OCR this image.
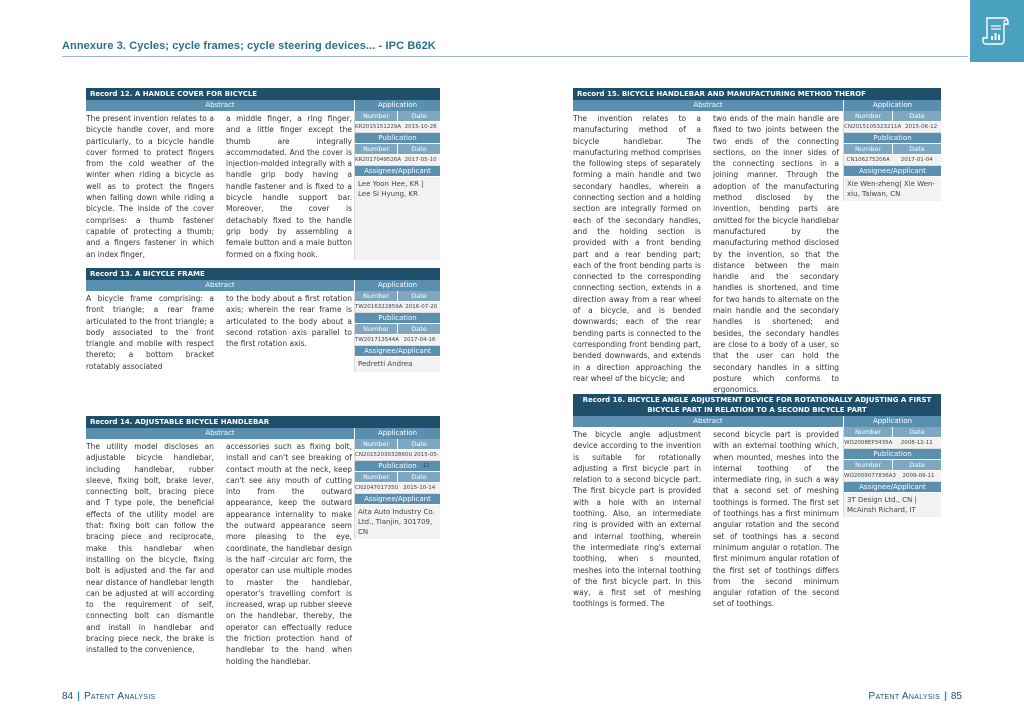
Annexure 3. Cycles; cycle frames; cycle steering devices... - IPC B62K
Record 12. A HANDLE COVER FOR BICYCLE
Abstract	Application
The present invention relates to a bicycle handle cover, and more particularly, to a bicycle handle cover formed to protect fingers from the cold weather of the winter when riding a bicycle as well as to protect the fingers when falling down while riding a bicycle. The inside of the cover comprises: a thumb fastener capable of protecting a thumb; and a fingers fastener in which an index finger,
a middle finger, a ring finger, and a little finger except the thumb are integrally accommodated. And the cover is injection-molded integrally with a handle grip body having a handle fastener and is fixed to a bicycle handle support bar. Moreover, the cover is detachably fixed to the handle grip body by assembling a female button and a male button formed on a fixing hook.
Number	Date
KR2015151229A 2015-10-28
Publication
Number	Date
KR2017049526A 2017-05-10
Assignee/Applicant
Lee Yoon Hee, KR | Lee Si Hyung, KR
Record 13. A BICYCLE FRAME
Abstract	Application
A bicycle frame comprising: a front triangle; a rear frame articulated to the front triangle; a body associated to the front triangle and mobile with respect thereto; a bottom bracket rotatably associated
to the body about a first rotation axis; wherein the rear frame is articulated to the body about a second rotation axis parallel to the first rotation axis.
Number	Date
TW2016322859A 2016-07-20
Publication
Number	Date
TW201713544A 2017-04-16
Assignee/Applicant
Pedretti Andrea
Record 14. ADJUSTABLE BICYCLE HANDLEBAR
Abstract	Application
The utility model discloses an adjustable bicycle handlebar, including handlebar, rubber sleeve, fixing bolt, brake lever, connecting bolt, bracing piece and T type pole, the beneficial effects of the utility model are that: fixing bolt can follow the bracing piece and reciprocate, make this handlebar when installing on the bicycle, fixing bolt is adjusted and the far and near distance of handlebar length can be adjusted at will according to the requirement of self, connecting bolt can dismantle and install in handlebar and bracing piece neck, the brake is installed to the convenience,
accessories such as fixing bolt, install and can't see breaking of contact mouth at the neck, keep can't see any mouth of cutting into from the outward appearance, keep the outward appearance internality to make the outward appearance seem more pleasing to the eye, coordinate, the handlebar design is the half -circular arc form, the operator can use multiple modes to master the handlebar, operator's travelling comfort is increased, wrap up rubber sleeve on the handlebar, thereby, the operator can effectually reduce the friction protection hand of handlebar to the hand when holding the handlebar.
Number	Date
CN2015203032860U 2015-05-12
Publication
Number	Date
CN204701735U 2015-10-14
Assignee/Applicant
Aita Auto Industry Co. Ltd., Tianjin, 301709, CN
Record 15. BICYCLE HANDLEBAR AND MANUFACTURING METHOD THEROF
Abstract	Application
The invention relates to a manufacturing method of a bicycle handlebar. The manufacturing method comprises the following steps of separately forming a main handle and two secondary handles, wherein a connecting section and a holding section are integrally formed on each of the secondary handles, and the holding section is provided with a front bending part and a rear bending part; each of the front bending parts is connected to the corresponding connecting section, extends in a direction away from a rear wheel of a bicycle, and is bended downwards; each of the rear bending parts is connected to the corresponding front bending part, bended downwards, and extends in a direction approaching the rear wheel of the bicycle; and
two ends of the main handle are fixed to two joints between the two ends of the connecting sections, on the inner sides of the connecting sections in a joining manner. Through the adoption of the manufacturing method disclosed by the invention, bending parts are omitted for the bicycle handlebar manufactured by the manufacturing method disclosed by the invention, so that the distance between the main handle and the secondary handles is shortened, and time for two hands to alternate on the main handle and the secondary handles is shortened; and besides, the secondary handles are close to a body of a user, so that the user can hold the secondary handles in a sitting posture which conforms to ergonomics.
Number	Date
CN2015105323211A 2015-06-12
Publication
Number	Date
CN106275206A	2017-01-04
Assignee/Applicant
Xie Wen-zheng| Xie Wen-xiu, Taiwan, CN
Record 16. BICYCLE ANGLE ADJUSTMENT DEVICE FOR ROTATIONALLY ADJUSTING A FIRST BICYCLE PART IN RELATION TO A SECOND BICYCLE PART
Abstract	Application
The bicycle angle adjustment device according to the invention is suitable for rotationally adjusting a first bicycle part in relation to a second bicycle part. The first bicycle part is provided with a hole with an internal toothing. Also, an intermediate ring is provided with an external and internal toothing, wherein the intermediate ring's external toothing, when s mounted, meshes into the internal toothing of the first bicycle part. In this way, a first set of meshing toothings is formed. The
second bicycle part is provided with an external toothing which, when mounted, meshes into the internal toothing of the intermediate ring, in such a way that a second set of meshing toothings is formed. The first set of toothings has a first minimum angular rotation and the second set of toothings has a second minimum angular o rotation. The first minimum angular rotation of the first set of toothings differs from the second minimum angular rotation of the second set of toothings.
Number	Date
WO2008EP3435A	2008-12-11
Publication
Number	Date
WO2009077836A3	2009-09-11
Assignee/Applicant
3T Design Ltd., CN | McAinsh Richard, IT
84 | Patent Analysis	Patent Analysis | 85
